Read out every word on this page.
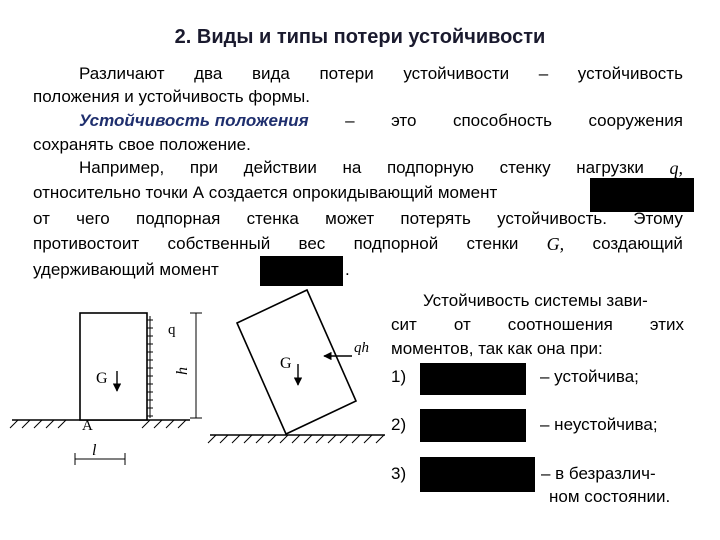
2. Виды и типы потери устойчивости
Различают два вида потери устойчивости – устойчивость
положения и устойчивость формы.
Устойчивость положения – это способность сооружения
сохранять свое положение.
Например, при действии на подпорную стенку нагрузки q,
относительно точки А создается опрокидывающий момент
от чего подпорная стенка может потерять устойчивость. Этому
противостоит собственный вес подпорной стенки G, создающий
удерживающий момент	.
Устойчивость системы зави-
сит от соотношения этих
моментов, так как она при:
1)	– устойчива;
2)	– неустойчива;
3)	– в безразлич-
ном состоянии.
q
h
G
A
l
G
qh
